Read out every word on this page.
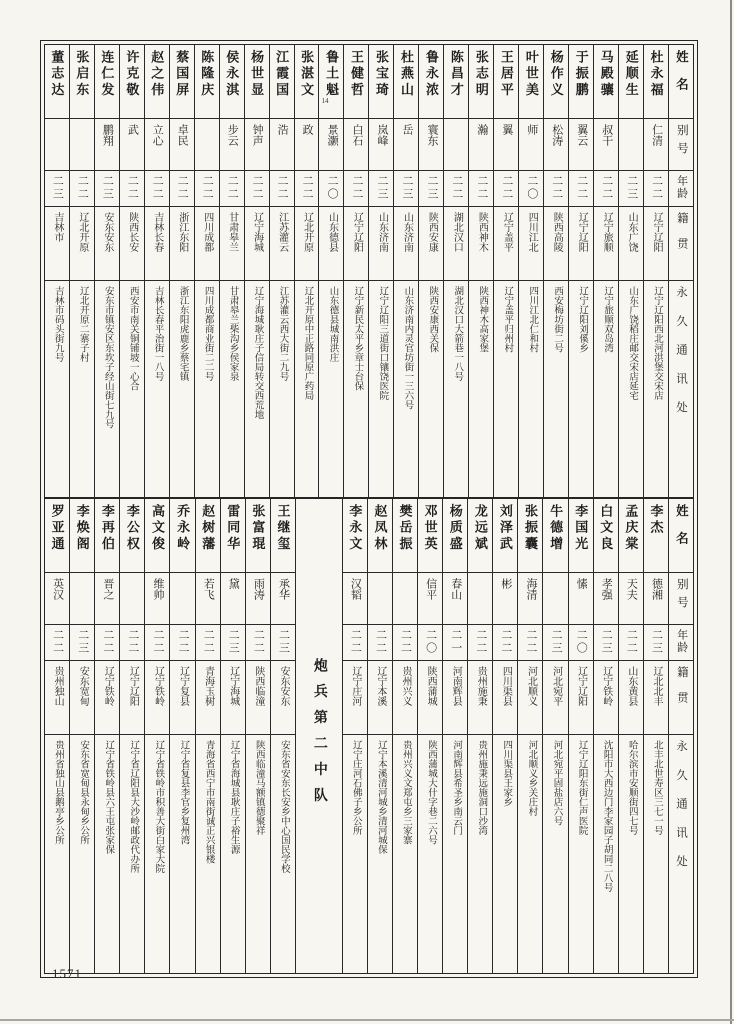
姓名
别号
年龄
籍贯
永久通讯处
杜永福
仁清
二二
辽宁辽阳
辽宁辽阳西北河洪堡交宋店
延顺生
二三
山东广饶
山东广饶稻庄邮交宋店延宅
马殿骧
叔干
二二
辽宁旅顺
辽宁旅顺双岛湾
于振鹏
翼云
二二
辽宁辽阳
辽宁辽阳刘傒乡
杨作义
松涛
二二
陕西高陵
西安梅坊街二号
叶世美
师
二〇
四川江北
四川江北仁和村
王居平
翼
二二
辽宁盖平
辽宁盖平归州村
张志明
瀚
二二
陕西神木
陕西神木高家堡
陈昌才
二二
湖北汉口
湖北汉口大箭巷一八号
鲁永浓
寰东
二三
陕西安康
陕西安康西关保
杜燕山
岳
二三
山东济南
山东济南内灵官坊街一三六号
张宝琦
岚峰
二三
山东济南
辽宁辽阳三道街口镶饶医院
王健哲
白石
二二
辽宁辽阳
辽宁新民太平乡章士台保
鲁土魁
14
景灏
二〇
山东德县
山东德县城南洪庄
张湛文
政
二二
辽北开原
辽北开原中正路同原广药局
江霞国
浩
二二
江苏灌云
江苏灌云西大街二九号
杨世显
钟声
二二
辽宁海城
辽宁海城耿庄子信局转交西荒地
侯永淇
步云
二二
甘肃皋兰
甘肃皋兰柴沟乡侯家泉
陈隆庆
二二
四川成都
四川成都商业街二二号
蔡国屏
卓民
二二
浙江东阳
浙江东阳虎鹿乡蔡宅镇
赵之伟
立心
二二
吉林长春
吉林长春平治街一八号
许克敬
武
二二
陕西长安
西安市南关铜铺坡一心合
连仁发
鹏翔
二三
安东安东
安东市镇安区东坎子经山街七九号
张启东
二二
辽北开原
辽北开原二寨子村
董志达
二三
吉林市
吉林市码头街九号
姓名
别号
年龄
籍贯
永久通讯处
李杰
德湘
二三
辽北北丰
北丰北世寿区三七一号
孟庆棠
天夫
二二
山东黄县
哈尔滨市安顺街四七号
白文良
孝强
二三
辽宁铁岭
沈阳市大西边门李家园子胡同二八号
李国光
愫
二〇
辽宁辽阳
辽宁辽阳东街仁声医院
牛德增
二三
河北宛平
河北宛平固盐店六号
张振囊
海清
二二
河北顺义
河北顺义乡关庄村
刘泽武
彬
二二
四川渠县
四川渠县王家乡
龙远斌
二二
贵州施秉
贵州施秉远施洞口沙湾
杨质盛
春山
二一
河南辉县
河南辉县希圣乡南云门
邓世英
信平
二〇
陕西蒲城
陕西蒲城大什字巷二六号
樊岳振
二二
贵州兴义
贵州兴义文郑屯乡三家寨
赵凤林
二二
辽宁本溪
辽宁本溪清河城乡清河城保
李永文
汉韬
二二
辽宁庄河
辽宁庄河石佛子乡公所
炮兵第二中队
王继玺
承华
二三
安东安东
安东省安东长安乡中心国民学校
张富琨
雨涛
二二
陕西临潼
陕西临潼马额镇德聚祥
雷同华
黛
二三
辽宁海城
辽宁省海城县耿庄子裕生源
赵树藩
若飞
二二
青海玉树
青海省西宁市南街诚正兴银楼
乔永岭
二二
辽宁复县
辽宁省复县李官乡复州湾
高文俊
维帅
二二
辽宁铁岭
辽宁省铁岭市积善大街白家大院
李公权
二二
辽宁辽阳
辽宁省辽阳县大沙岭邮政代办所
李再伯
晋之
二二
辽宁铁岭
辽宁省铁岭县六王屯张家保
李焕阁
二三
安东宽甸
安东省宽甸县永甸乡公所
罗亚通
英汉
二二
贵州独山
贵州省独山县鹅亭乡公所
1571
